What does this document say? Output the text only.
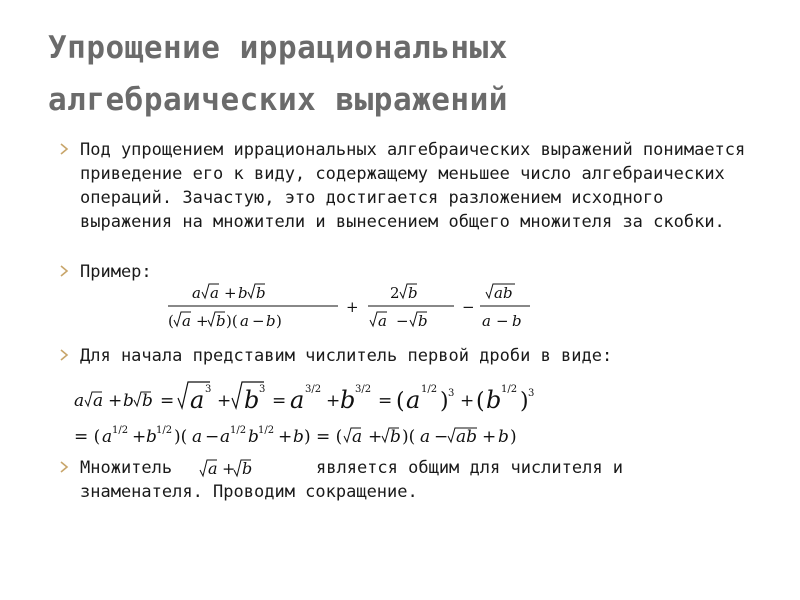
Упрощение иррациональных
алгебраических выражений
Под упрощением иррациональных алгебраических выражений понимается приведение его к виду, содержащему меньшее число алгебраических операций. Зачастую, это достигается разложением исходного выражения на множители и вынесением общего множителя за скобки.
Пример:
a a + b b
( a + b )( a − b )
+
2 b
a − b
−
ab
a − b
Для начала представим числитель первой дроби в виде:
a a + b b = a 3
+ b 3
= a 3/2
+ b 3/2
= ( a 1/2 ) 3 + ( b 1/2 ) 3
= ( a 1/2 + b 1/2 )( a − a 1/2 b 1/2 + b ) = ( a + b )( a − ab + b )
Множитель a + b	является общим для числителя и
знаменателя. Проводим сокращение.
